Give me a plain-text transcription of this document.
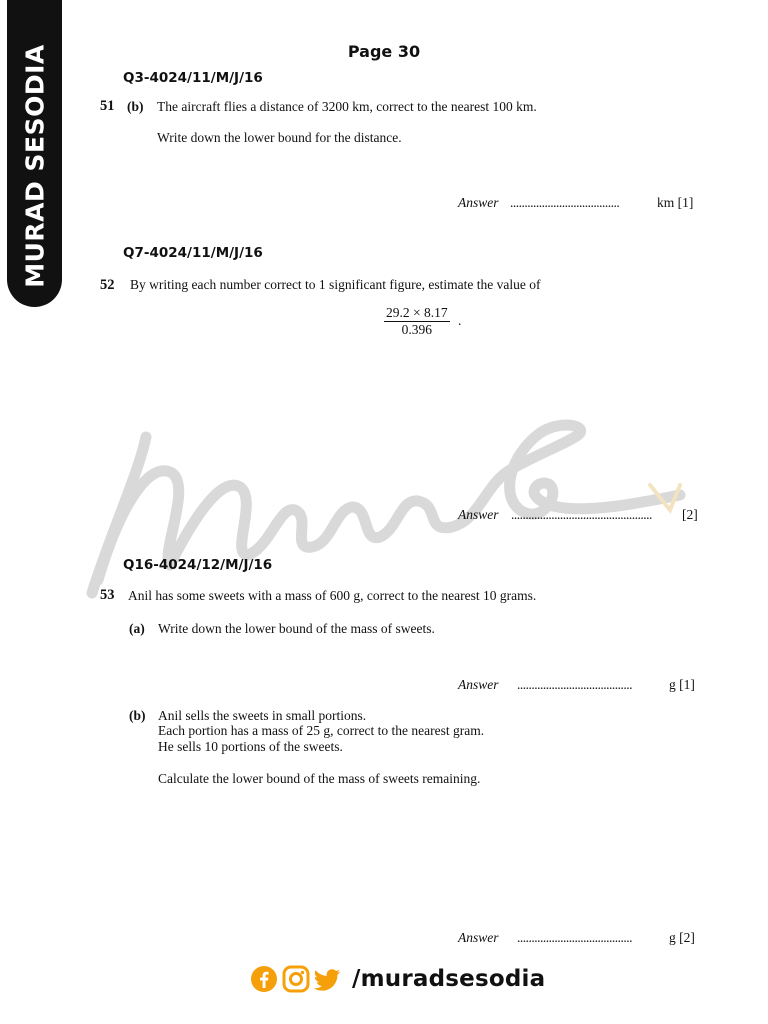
MURAD SESODIA	Page 30
Q3-4024/11/M/J/16
51 (b) The aircraft flies a distance of 3200 km, correct to the nearest 100 km.
Write down the lower bound for the distance.
Answer ......................................	km [1]
Q7-4024/11/M/J/16
52 By writing each number correct to 1 significant figure, estimate the value of
$\frac{29.2 \times 8.17}{0.396}$ .
Answer .................................................	[2]
Q16-4024/12/M/J/16
53 Anil has some sweets with a mass of 600 g, correct to the nearest 10 grams.
(a) Write down the lower bound of the mass of sweets.
Answer ........................................	g [1]
(b) Anil sells the sweets in small portions.
Each portion has a mass of 25 g, correct to the nearest gram.
He sells 10 portions of the sweets.
Calculate the lower bound of the mass of sweets remaining.
Answer ........................................	g [2]
/muradsesodia
